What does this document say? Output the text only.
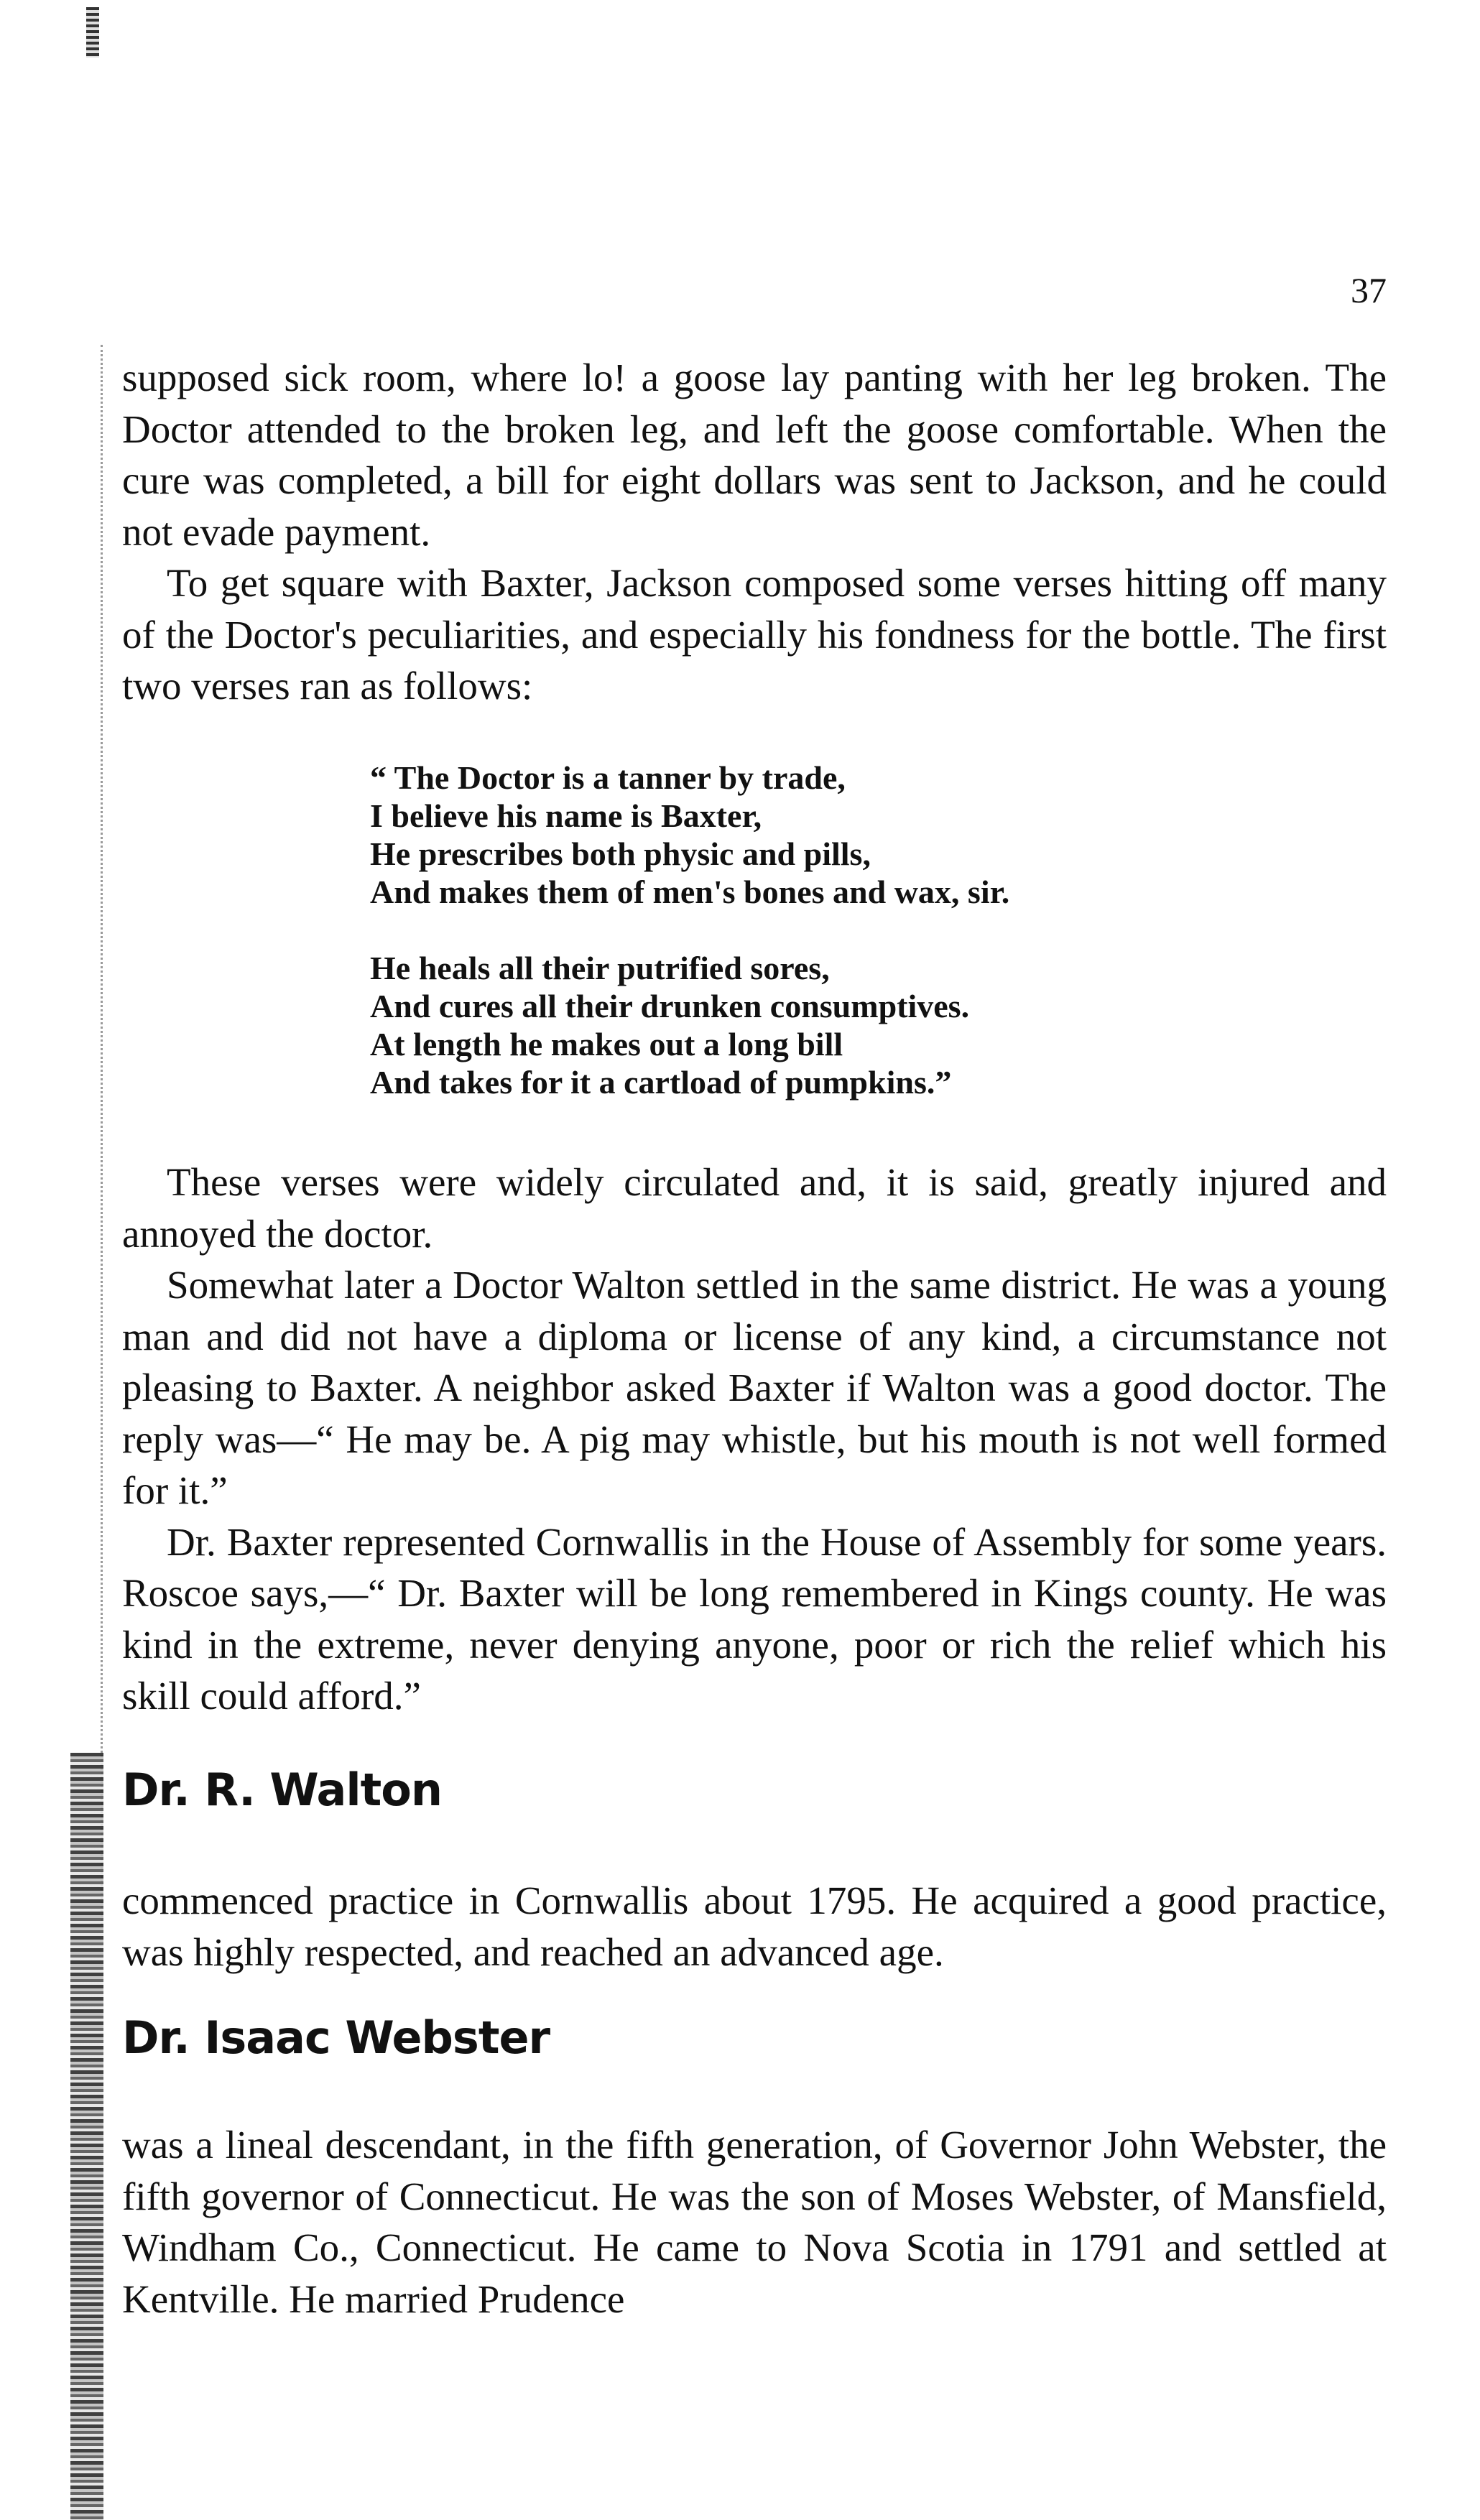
37

supposed sick room, where lo! a goose lay panting with her leg broken. The Doctor attended to the broken leg, and left the goose comfortable. When the cure was completed, a bill for eight dollars was sent to Jackson, and he could not evade payment.

To get square with Baxter, Jackson composed some verses hitting off many of the Doctor's peculiarities, and especially his fondness for the bottle. The first two verses ran as follows:

“ The Doctor is a tanner by trade,
I believe his name is Baxter,
He prescribes both physic and pills,
And makes them of men's bones and wax, sir.
He heals all their putrified sores,
And cures all their drunken consumptives.
At length he makes out a long bill
And takes for it a cartload of pumpkins.”

These verses were widely circulated and, it is said, greatly injured and annoyed the doctor.

Somewhat later a Doctor Walton settled in the same district. He was a young man and did not have a diploma or license of any kind, a circumstance not pleasing to Baxter. A neighbor asked Baxter if Walton was a good doctor. The reply was—“ He may be. A pig may whistle, but his mouth is not well formed for it.”

Dr. Baxter represented Cornwallis in the House of Assembly for some years. Roscoe says,—“ Dr. Baxter will be long remembered in Kings county. He was kind in the extreme, never denying anyone, poor or rich the relief which his skill could afford.”

Dr. R. Walton

commenced practice in Cornwallis about 1795. He acquired a good practice, was highly respected, and reached an advanced age.

Dr. Isaac Webster

was a lineal descendant, in the fifth generation, of Governor John Webster, the fifth governor of Connecticut. He was the son of Moses Webster, of Mansfield, Windham Co., Connecticut. He came to Nova Scotia in 1791 and settled at Kentville. He married Prudence
